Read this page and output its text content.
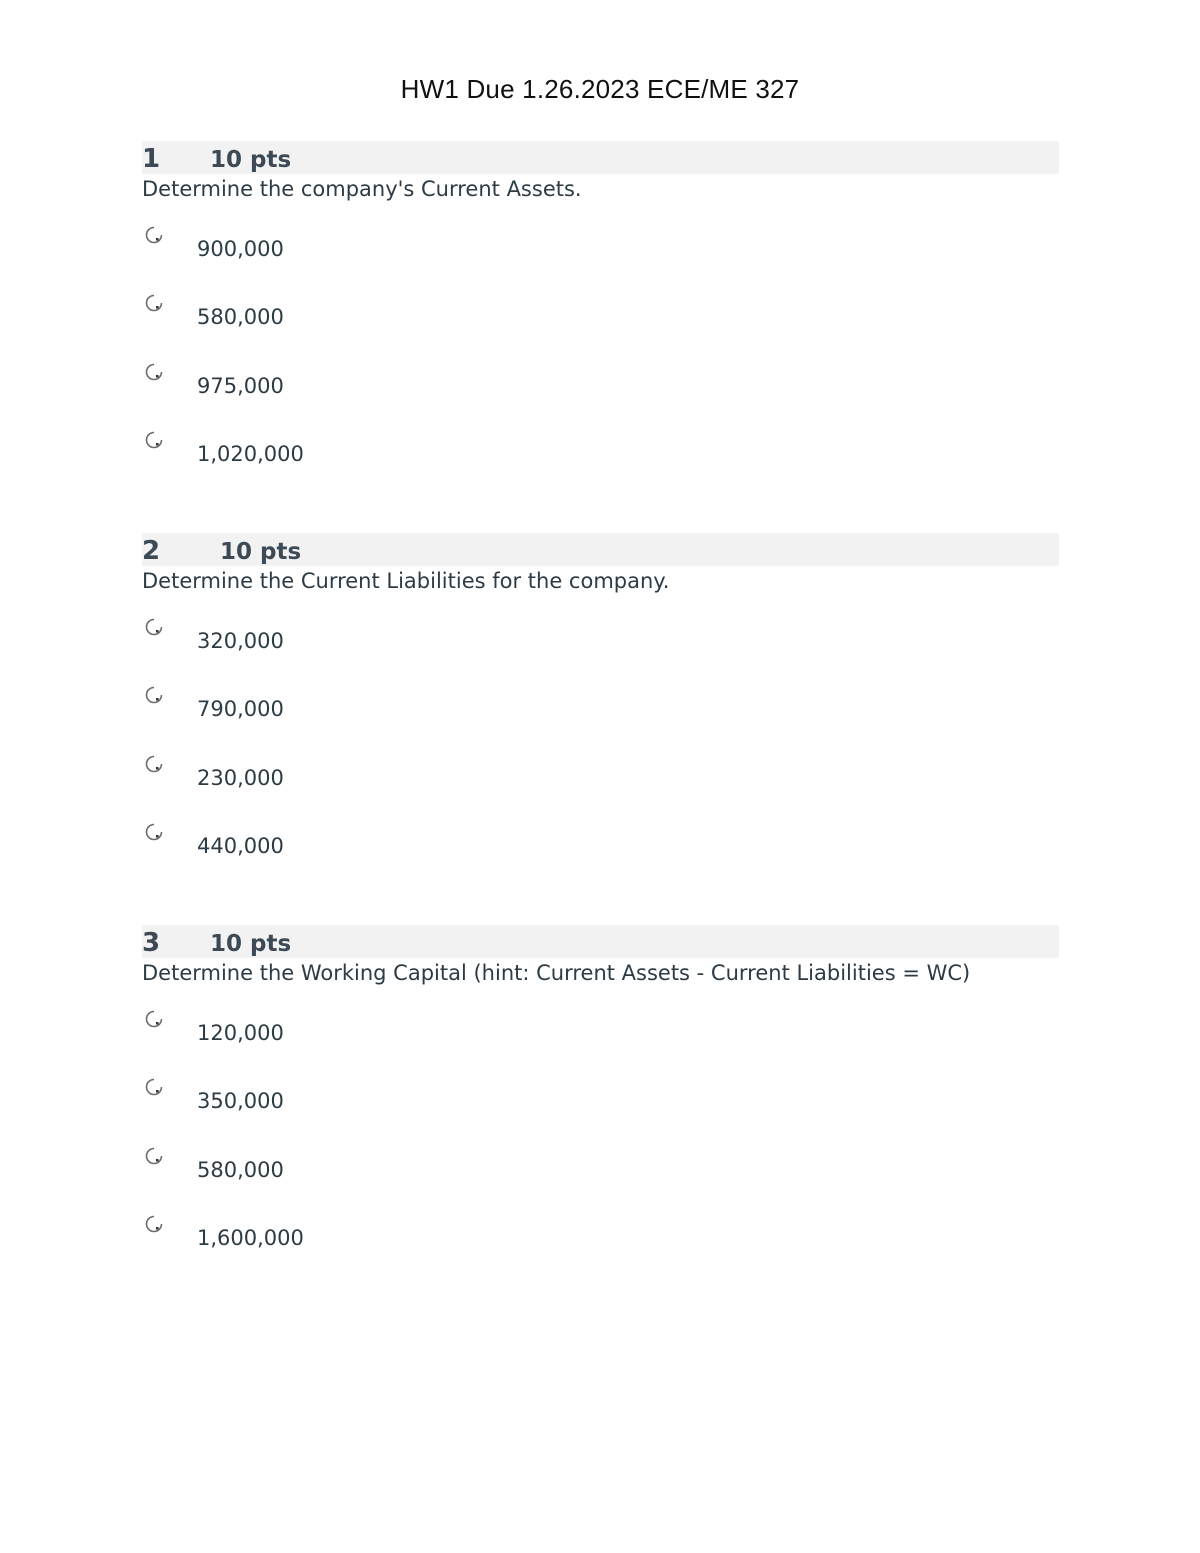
HW1 Due 1.26.2023 ECE/ME 327
1	10 pts
Determine the company's Current Assets.
900,000
580,000
975,000
1,020,000
2	10 pts
Determine the Current Liabilities for the company.
320,000
790,000
230,000
440,000
3	10 pts
Determine the Working Capital (hint: Current Assets - Current Liabilities = WC)
120,000
350,000
580,000
1,600,000
